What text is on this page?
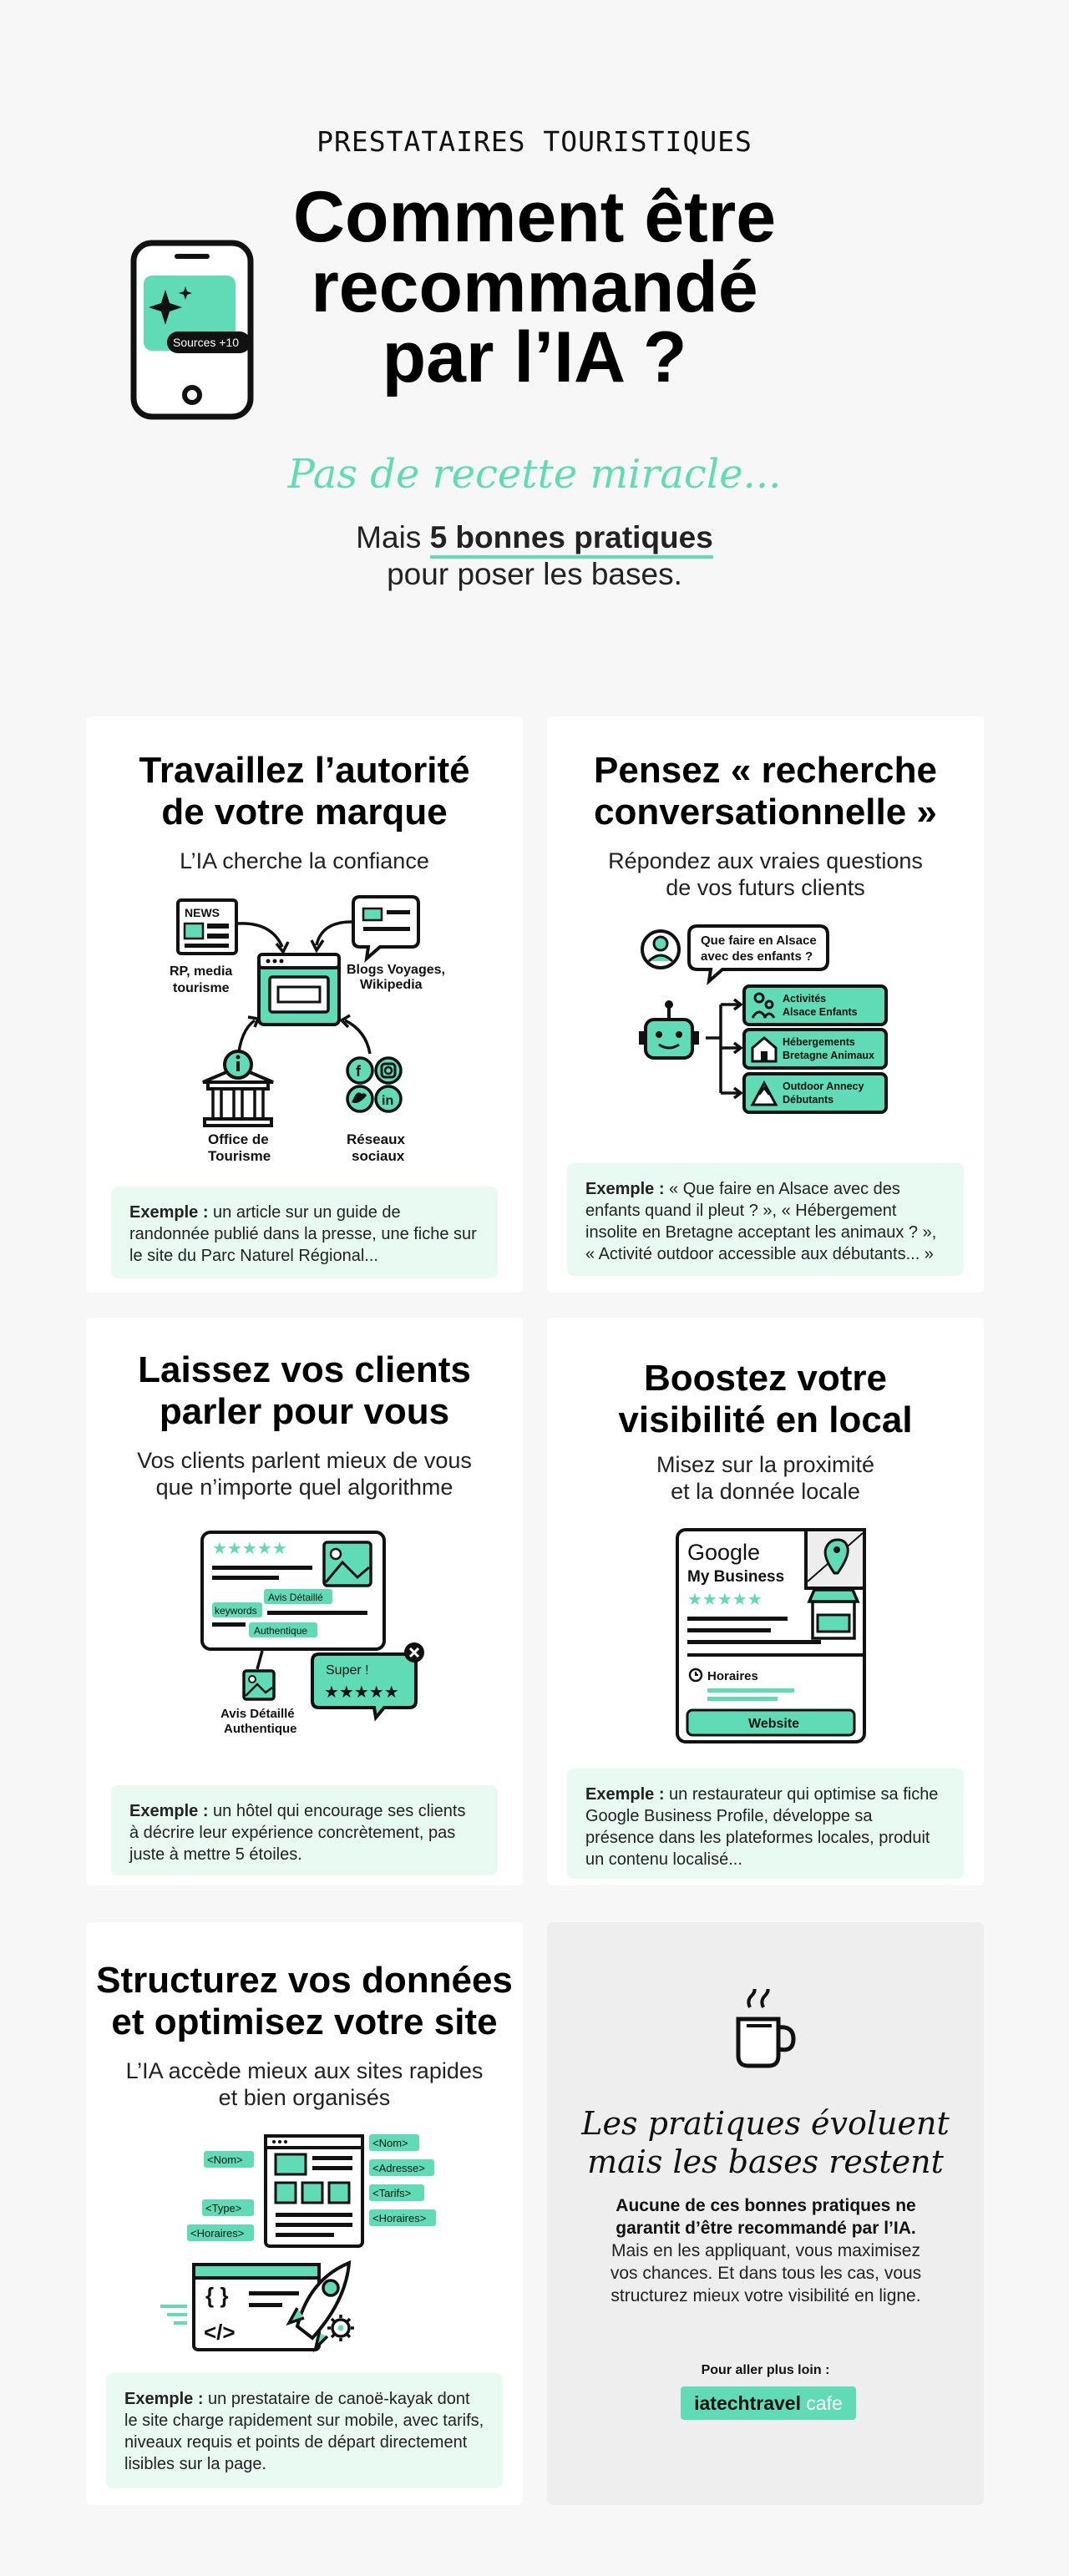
PRESTATAIRES TOURISTIQUES
Sources +10
Comment être
recommandé
par l’IA ?
Pas de recette miracle...
Mais 5 bonnes pratiques
pour poser les bases.
Travaillez l’autorité
de votre marque
L’IA cherche la confiance
NEWS
RP, media
tourisme
Blogs Voyages,
Wikipedia
Office de
Tourisme
f
in
Réseaux
sociaux
Exemple : un article sur un guide de randonnée publié dans la presse, une fiche sur le site du Parc Naturel Régional...
Pensez « recherche
conversationnelle »
Répondez aux vraies questions
de vos futurs clients
Que faire en Alsace
avec des enfants ?
Activités
Alsace Enfants
Hébergements
Bretagne Animaux
Outdoor Annecy
Débutants
Exemple : « Que faire en Alsace avec des enfants quand il pleut ? », « Hébergement insolite en Bretagne acceptant les animaux ? », « Activité outdoor accessible aux débutants... »
Laissez vos clients
parler pour vous
Vos clients parlent mieux de vous
que n’importe quel algorithme
★★★★★
Avis Détaillé
keywords
Authentique
Avis Détaillé
Authentique
Super !
★★★★★
Exemple : un hôtel qui encourage ses clients à décrire leur expérience concrètement, pas juste à mettre 5 étoiles.
Boostez votre
visibilité en local
Misez sur la proximité
et la donnée locale
Google
My Business
★★★★★
Horaires
Website
Exemple : un restaurateur qui optimise sa fiche Google Business Profile, développe sa présence dans les plateformes locales, produit un contenu localisé...
Structurez vos données
et optimisez votre site
L’IA accède mieux aux sites rapides
et bien organisés
<Nom>
<Type>
<Horaires>
<Nom>
<Adresse>
<Tarifs>
<Horaires>
{ }
</>
Exemple : un prestataire de canoë-kayak dont le site charge rapidement sur mobile, avec tarifs, niveaux requis et points de départ directement lisibles sur la page.
Les pratiques évoluent
mais les bases restent
Aucune de ces bonnes pratiques ne garantit d’être recommandé par l’IA.
Mais en les appliquant, vous maximisez vos chances. Et dans tous les cas, vous structurez mieux votre visibilité en ligne.
Pour aller plus loin :
iatechtravel cafe
